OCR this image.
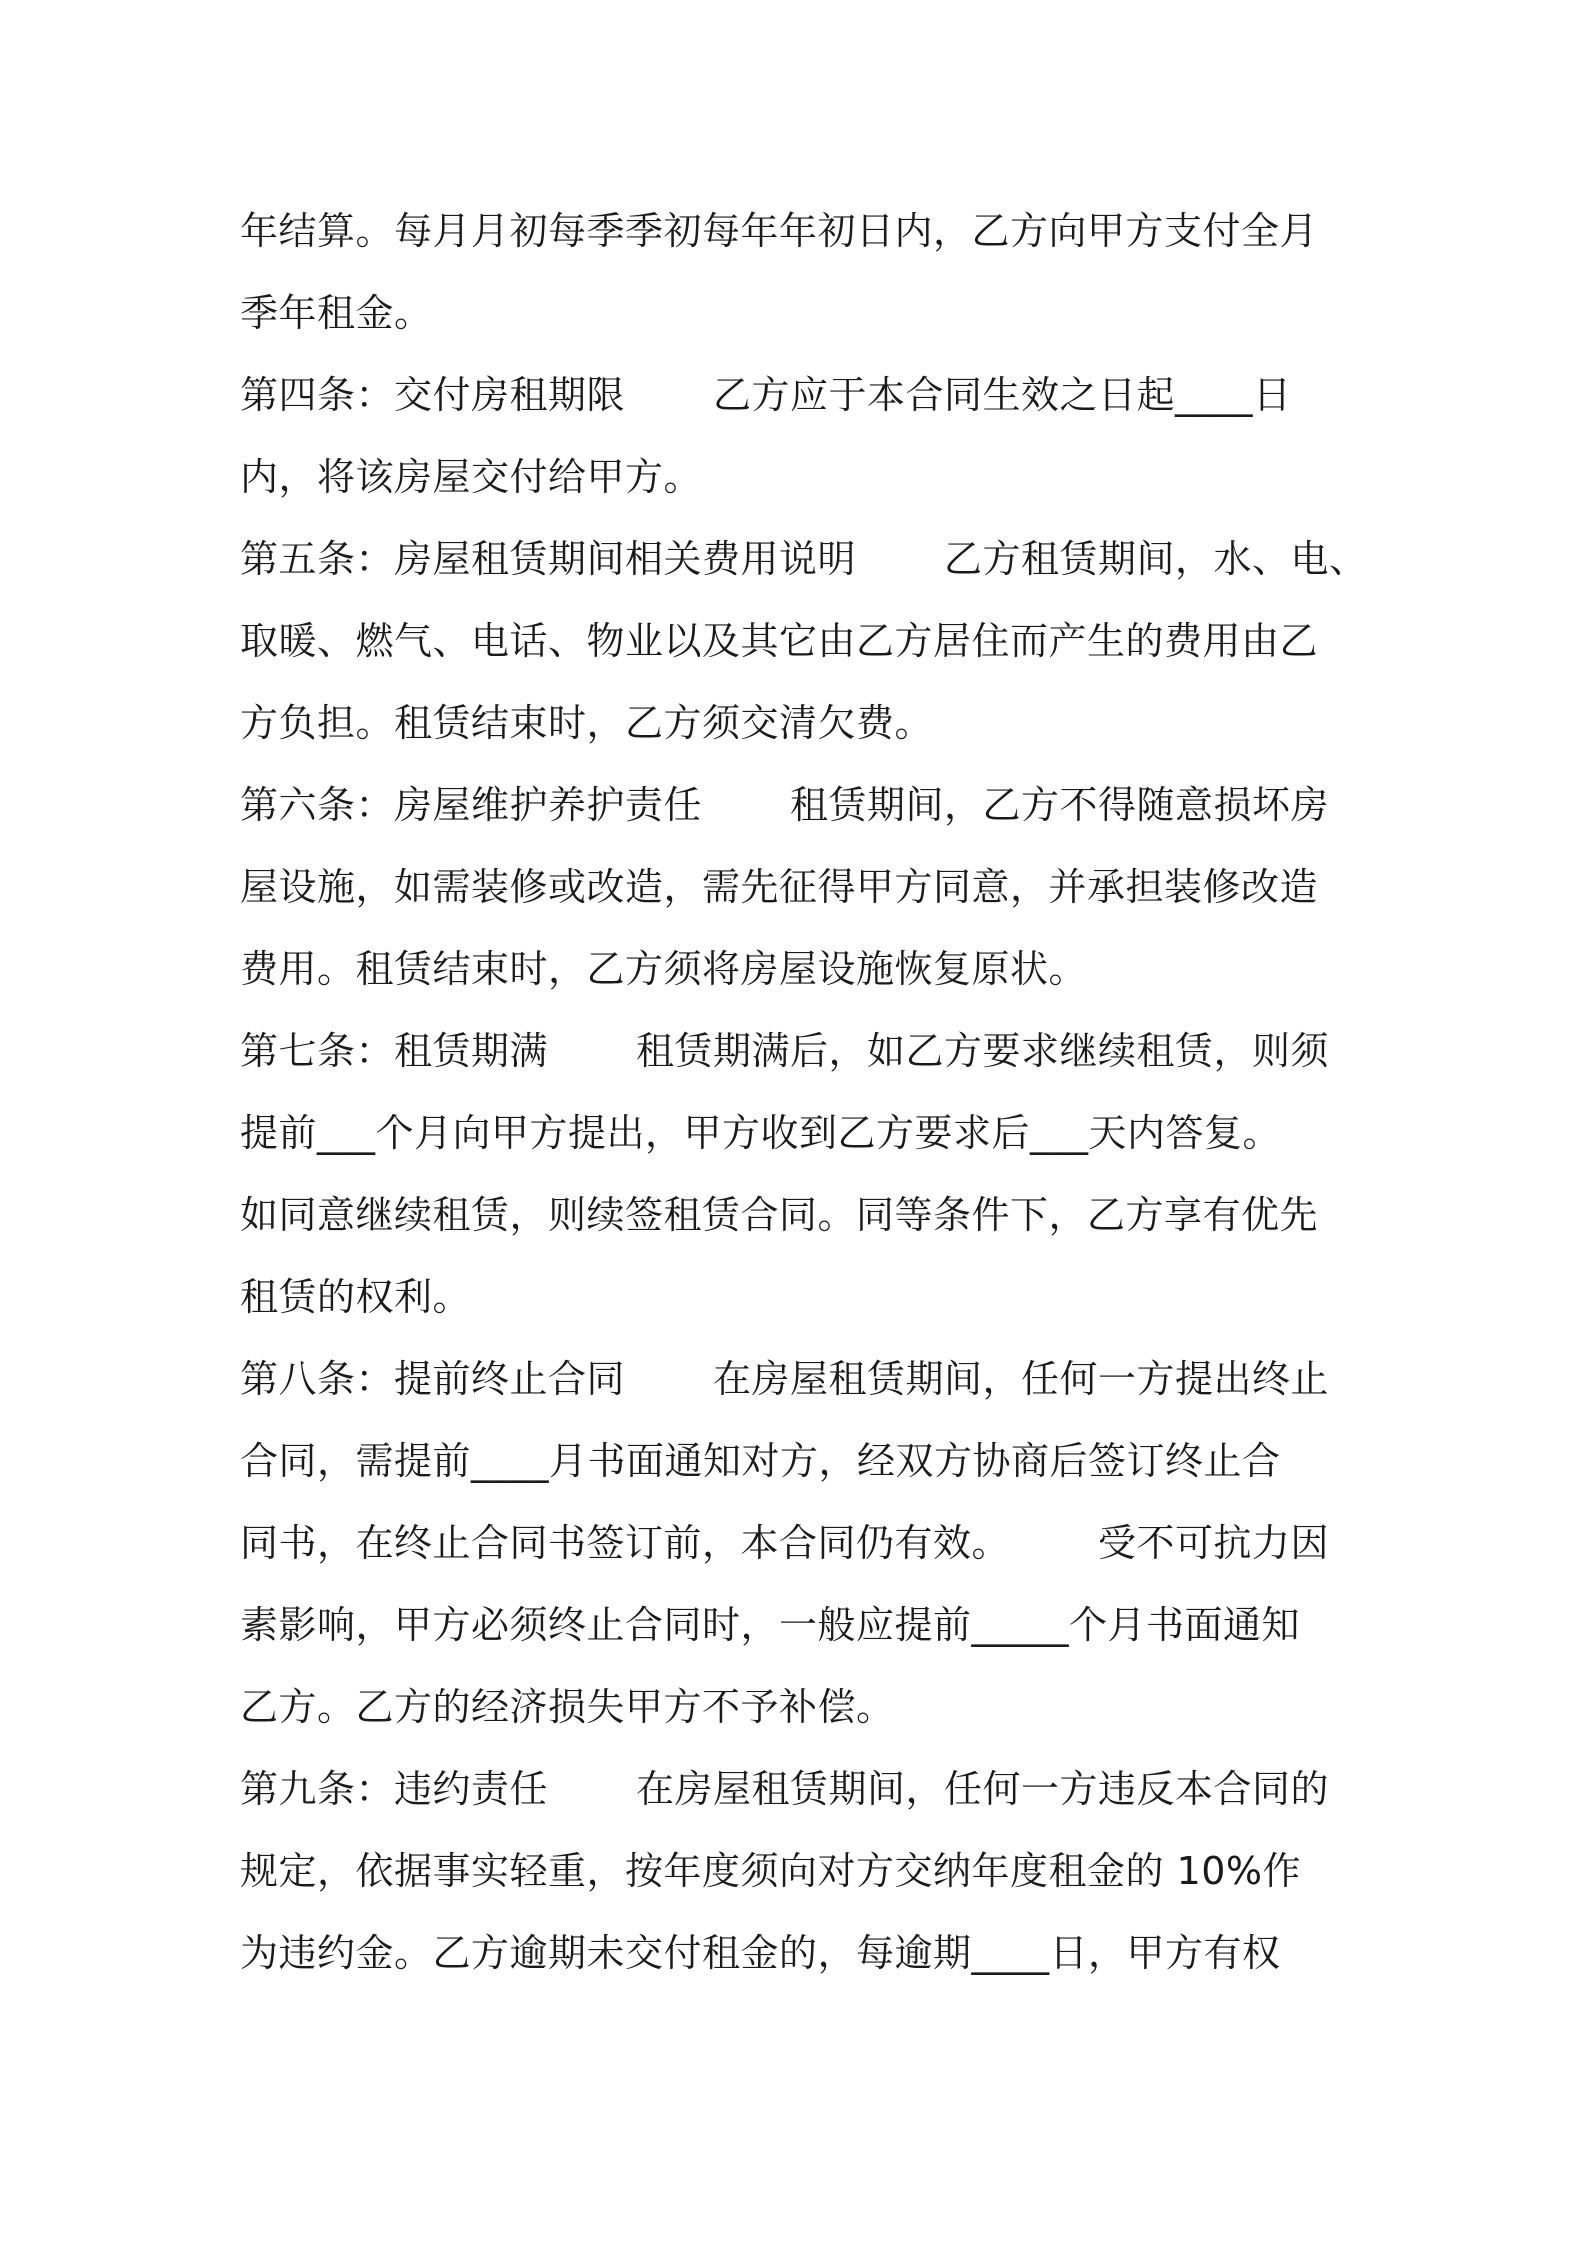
年结算。每月月初每季季初每年年初日内，乙方向甲方支付全月
季年租金。
第四条：交付房租期限       乙方应于本合同生效之日起____日
内，将该房屋交付给甲方。
第五条：房屋租赁期间相关费用说明       乙方租赁期间，水、电、
取暖、燃气、电话、物业以及其它由乙方居住而产生的费用由乙
方负担。租赁结束时，乙方须交清欠费。
第六条：房屋维护养护责任       租赁期间，乙方不得随意损坏房
屋设施，如需装修或改造，需先征得甲方同意，并承担装修改造
费用。租赁结束时，乙方须将房屋设施恢复原状。
第七条：租赁期满       租赁期满后，如乙方要求继续租赁，则须
提前___个月向甲方提出，甲方收到乙方要求后___天内答复。
如同意继续租赁，则续签租赁合同。同等条件下，乙方享有优先
租赁的权利。
第八条：提前终止合同       在房屋租赁期间，任何一方提出终止
合同，需提前____月书面通知对方，经双方协商后签订终止合
同书，在终止合同书签订前，本合同仍有效。       受不可抗力因
素影响，甲方必须终止合同时，一般应提前_____个月书面通知
乙方。乙方的经济损失甲方不予补偿。
第九条：违约责任       在房屋租赁期间，任何一方违反本合同的
规定，依据事实轻重，按年度须向对方交纳年度租金的 10%作
为违约金。乙方逾期未交付租金的，每逾期____日，甲方有权
